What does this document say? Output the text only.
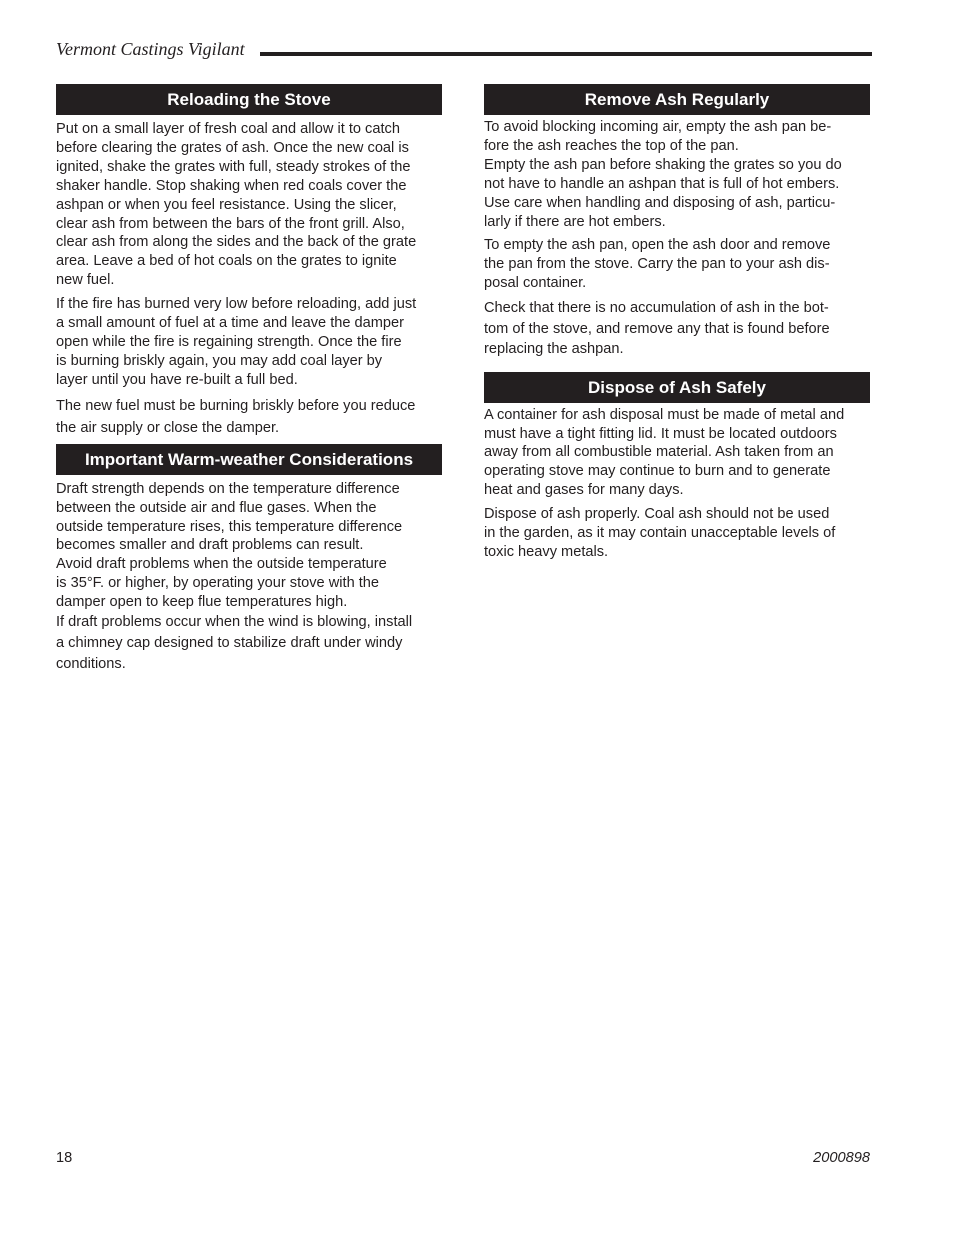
Vermont Castings Vigilant
Reloading the Stove

Put on a small layer of fresh coal and allow it to catch
before clearing the grates of ash. Once the new coal is
ignited, shake the grates with full, steady strokes of the
shaker handle. Stop shaking when red coals cover the
ashpan or when you feel resistance. Using the slicer,
clear ash from between the bars of the front grill. Also,
clear ash from along the sides and the back of the grate
area. Leave a bed of hot coals on the grates to ignite
new fuel.

If the fire has burned very low before reloading, add just
a small amount of fuel at a time and leave the damper
open while the fire is regaining strength. Once the fire
is burning briskly again, you may add coal layer by
layer until you have re-built a full bed.

The new fuel must be burning briskly before you reduce
the air supply or close the damper.

Important Warm-weather Considerations

Draft strength depends on the temperature difference
between the outside air and flue gases. When the
outside temperature rises, this temperature difference
becomes smaller and draft problems can result.

Avoid draft problems when the outside temperature
is 35°F. or higher, by operating your stove with the
damper open to keep flue temperatures high.

If draft problems occur when the wind is blowing, install
a chimney cap designed to stabilize draft under windy
conditions.

Remove Ash Regularly

To avoid blocking incoming air, empty the ash pan be-
fore the ash reaches the top of the pan.

Empty the ash pan before shaking the grates so you do
not have to handle an ashpan that is full of hot embers.
Use care when handling and disposing of ash, particu-
larly if there are hot embers.

To empty the ash pan, open the ash door and remove
the pan from the stove. Carry the pan to your ash dis-
posal container.

Check that there is no accumulation of ash in the bot-
tom of the stove, and remove any that is found before
replacing the ashpan.

Dispose of Ash Safely

A container for ash disposal must be made of metal and
must have a tight fitting lid. It must be located outdoors
away from all combustible material. Ash taken from an
operating stove may continue to burn and to generate
heat and gases for many days.

Dispose of ash properly. Coal ash should not be used
in the garden, as it may contain unacceptable levels of
toxic heavy metals.

18	2000898
